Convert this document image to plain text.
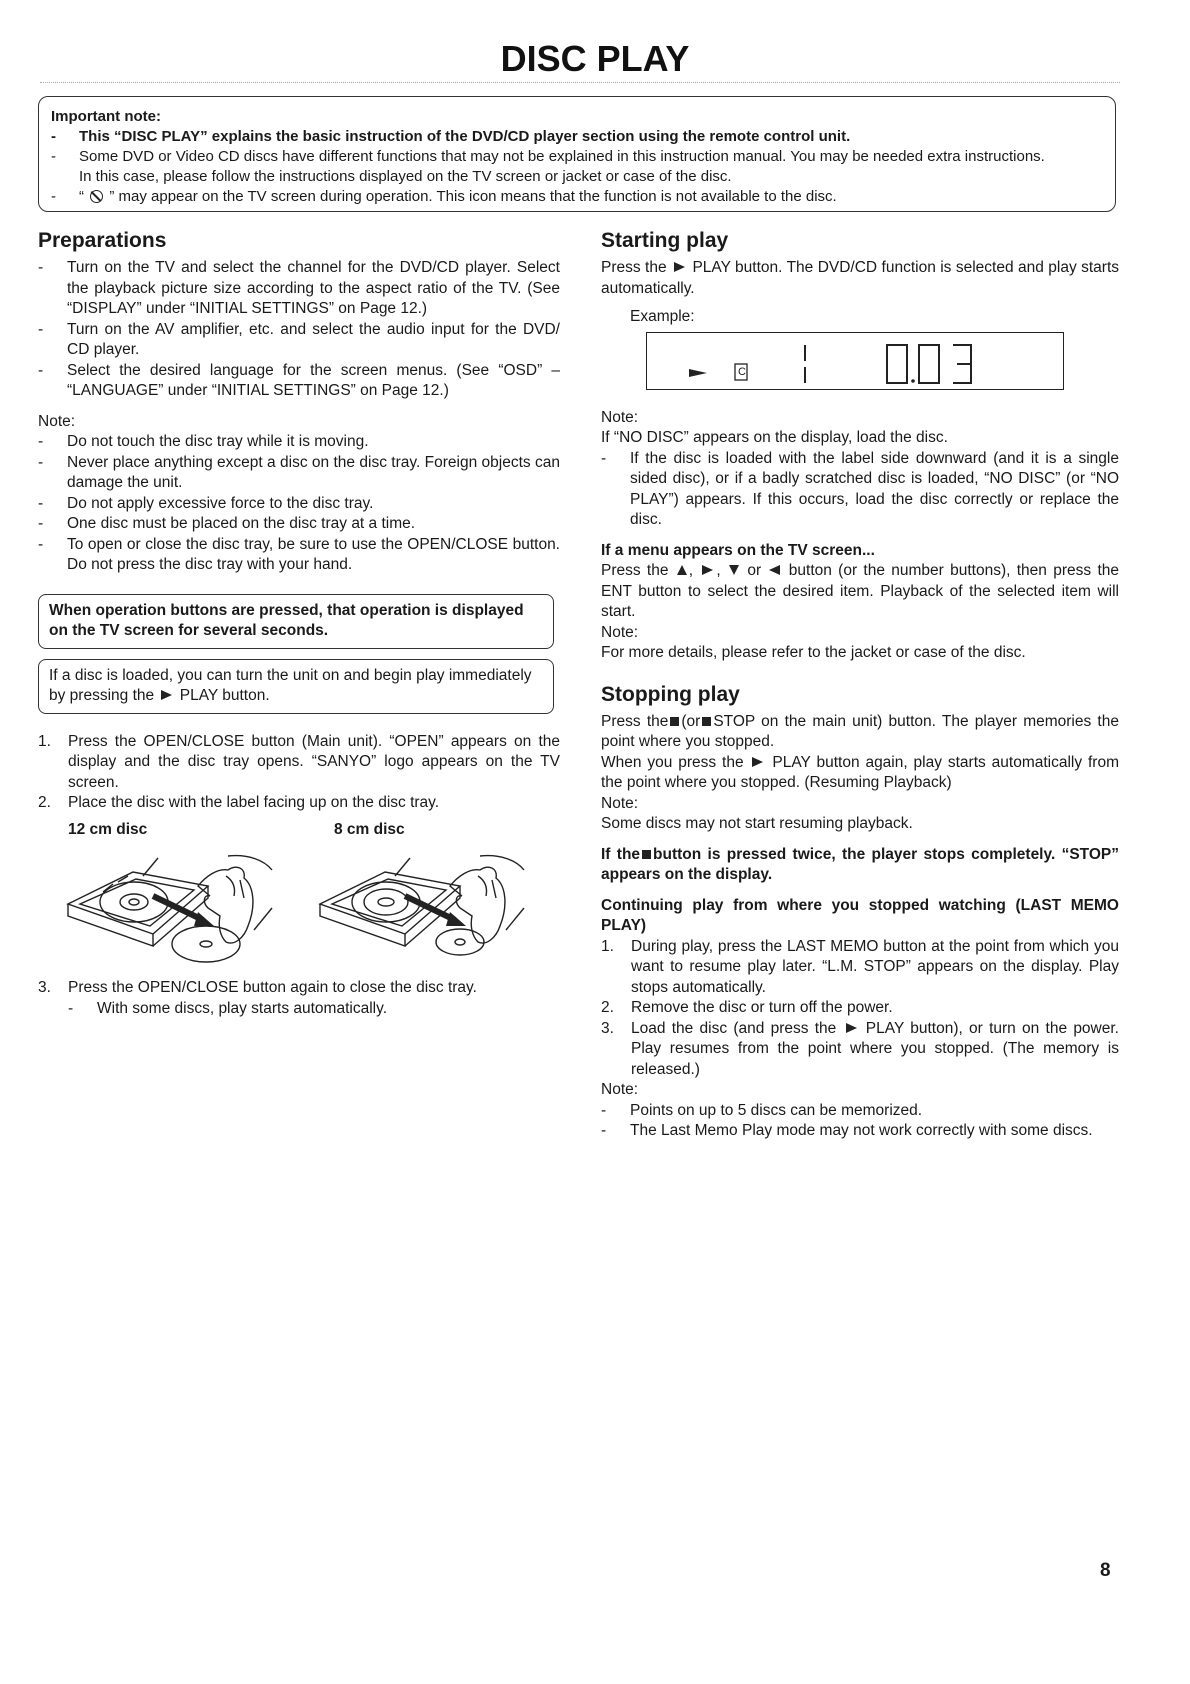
DISC PLAY
Important note:
-	This “DISC PLAY” explains the basic instruction of the DVD/CD player section using the remote control unit.
-	Some DVD or Video CD discs have different functions that may not be explained in this instruction manual. You may be needed extra instructions.
In this case, please follow the instructions displayed on the TV screen or jacket or case of the disc.
-	“ ” may appear on the TV screen during operation. This icon means that the function is not available to the disc.
Preparations
-	Turn on the TV and select the channel for the DVD/CD player. Select the playback picture size according to the aspect ratio of the TV. (See “DISPLAY” under “INITIAL SETTINGS” on Page 12.)
-	Turn on the AV amplifier, etc. and select the audio input for the DVD/ CD player.
-	Select the desired language for the screen menus. (See “OSD” – “LANGUAGE” under “INITIAL SETTINGS” on Page 12.)

Note:

-	Do not touch the disc tray while it is moving.
-	Never place anything except a disc on the disc tray. Foreign objects can damage the unit.
-	Do not apply excessive force to the disc tray.
-	One disc must be placed on the disc tray at a time.
-	To open or close the disc tray, be sure to use the OPEN/CLOSE button. Do not press the disc tray with your hand.
When operation buttons are pressed, that operation is displayed on the TV screen for several seconds.
If a disc is loaded, you can turn the unit on and begin play immediately by pressing the PLAY button.
1.	Press the OPEN/CLOSE button (Main unit). “OPEN” appears on the display and the disc tray opens. “SANYO” logo appears on the TV screen.
2.	Place the disc with the label facing up on the disc tray.
12 cm disc	8 cm disc
3.	Press the OPEN/CLOSE button again to close the disc tray.
-	With some discs, play starts automatically.
Starting play

Press the PLAY button. The DVD/CD function is selected and play starts automatically.

Example:

C

Note:

If “NO DISC” appears on the display, load the disc.

-	If the disc is loaded with the label side downward (and it is a single sided disc), or if a badly scratched disc is loaded, “NO DISC” (or “NO PLAY”) appears. If this occurs, load the disc correctly or replace the disc.

If a menu appears on the TV screen...

Press the , ,  or  button (or the number buttons), then press the ENT button to select the desired item. Playback of the selected item will start.

Note:

For more details, please refer to the jacket or case of the disc.

Stopping play

Press the (or STOP on the main unit) button. The player memories the point where you stopped.

When you press the PLAY button again, play starts automatically from the point where you stopped. (Resuming Playback)

Note:

Some discs may not start resuming playback.

If the button is pressed twice, the player stops completely. “STOP” appears on the display.

Continuing play from where you stopped watching (LAST MEMO PLAY)

1.	During play, press the LAST MEMO button at the point from which you want to resume play later. “L.M. STOP” appears on the display. Play stops automatically.
2.	Remove the disc or turn off the power.
3.	Load the disc (and press the PLAY button), or turn on the power. Play resumes from the point where you stopped. (The memory is released.)

Note:

-	Points on up to 5 discs can be memorized.
-	The Last Memo Play mode may not work correctly with some discs.
8
